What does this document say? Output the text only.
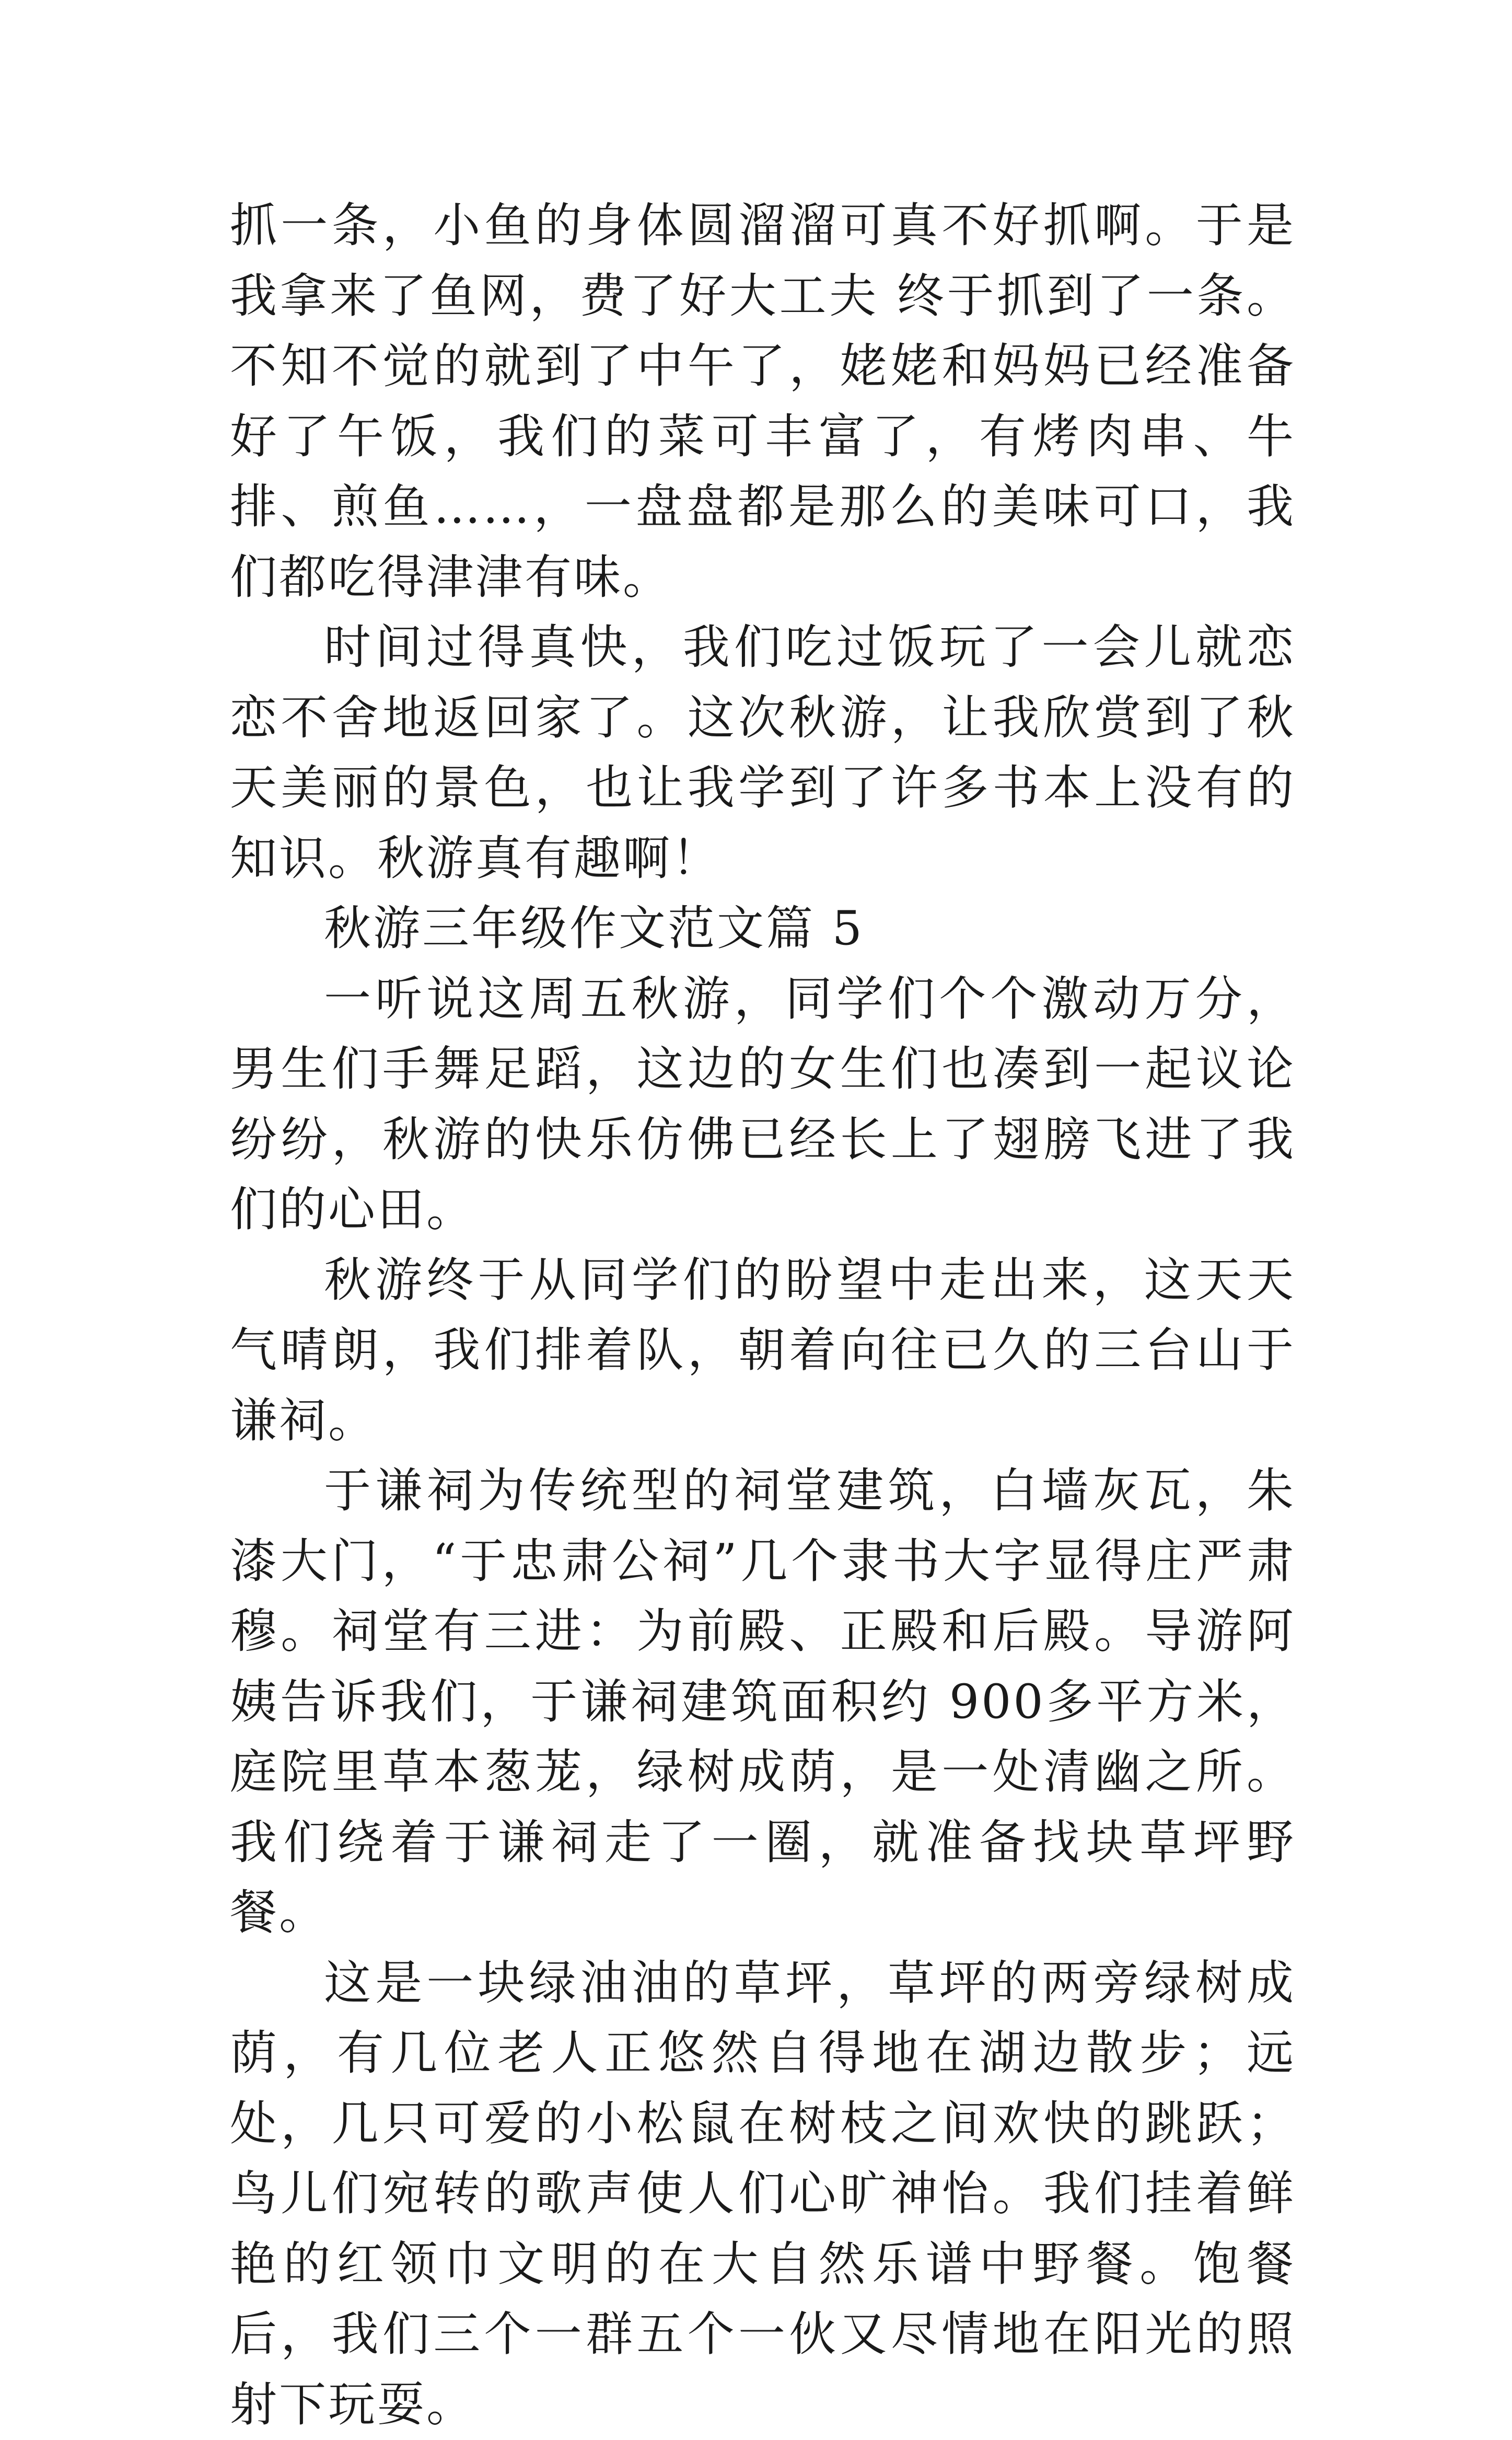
抓一条，小鱼的身体圆溜溜可真不好抓啊。于是我拿来了鱼网，费了好大工夫 终于抓到了一条。不知不觉的就到了中午了，姥姥和妈妈已经准备好了午饭，我们的菜可丰富了，有烤肉串、牛排、煎鱼……，一盘盘都是那么的美味可口，我们都吃得津津有味。

时间过得真快，我们吃过饭玩了一会儿就恋恋不舍地返回家了。这次秋游，让我欣赏到了秋天美丽的景色，也让我学到了许多书本上没有的知识。秋游真有趣啊！

秋游三年级作文范文篇 5

一听说这周五秋游，同学们个个激动万分，男生们手舞足蹈，这边的女生们也凑到一起议论纷纷，秋游的快乐仿佛已经长上了翅膀飞进了我们的心田。

秋游终于从同学们的盼望中走出来，这天天气晴朗，我们排着队，朝着向往已久的三台山于谦祠。

于谦祠为传统型的祠堂建筑，白墙灰瓦，朱漆大门，“于忠肃公祠”几个隶书大字显得庄严肃穆。祠堂有三进：为前殿、正殿和后殿。导游阿姨告诉我们，于谦祠建筑面积约 900多平方米，庭院里草本葱茏，绿树成荫，是一处清幽之所。我们绕着于谦祠走了一圈，就准备找块草坪野餐。

这是一块绿油油的草坪，草坪的两旁绿树成荫，有几位老人正悠然自得地在湖边散步；远处，几只可爱的小松鼠在树枝之间欢快的跳跃；鸟儿们宛转的歌声使人们心旷神怡。我们挂着鲜艳的红领巾文明的在大自然乐谱中野餐。饱餐后，我们三个一群五个一伙又尽情地在阳光的照射下玩耍。
